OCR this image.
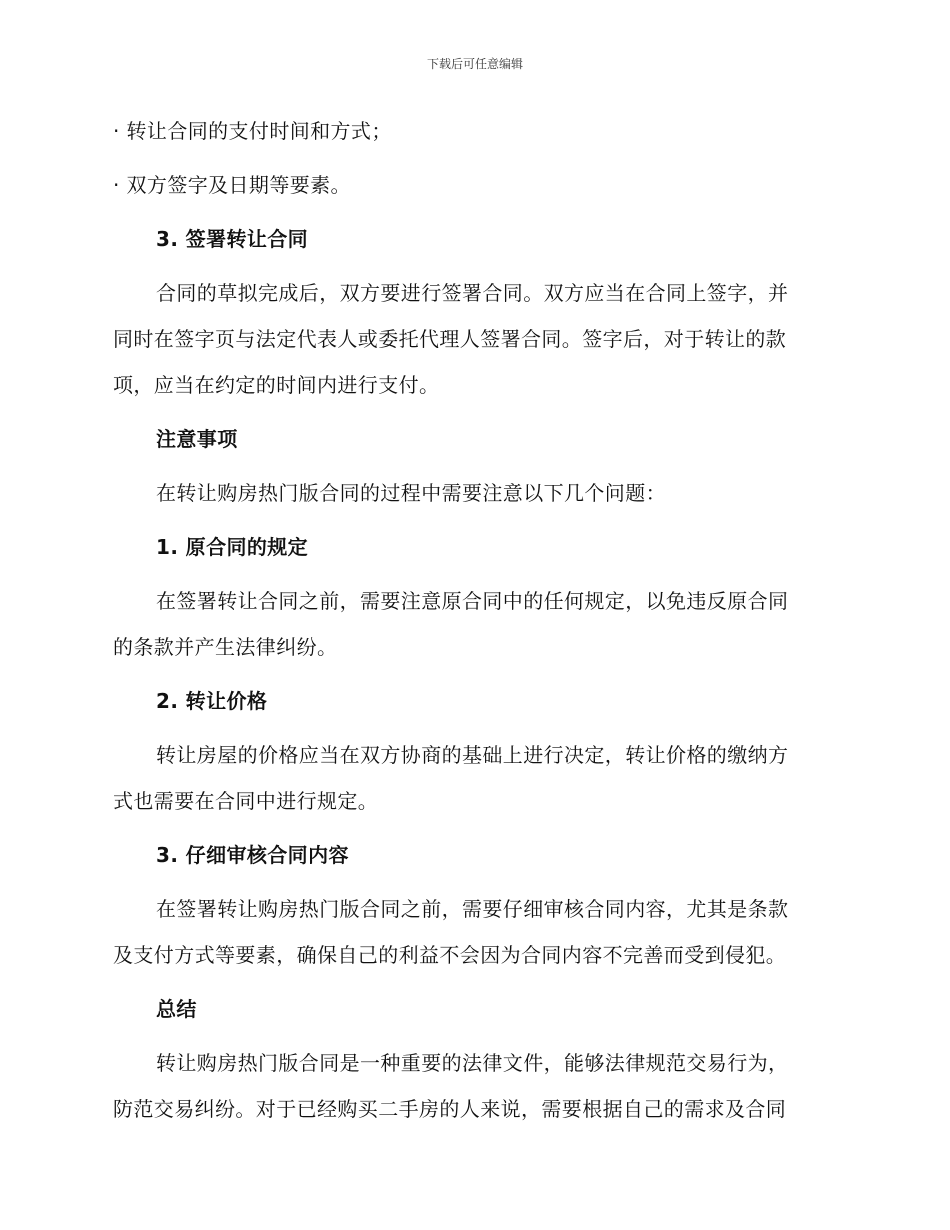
下载后可任意编辑
· 转让合同的支付时间和方式；
· 双方签字及日期等要素。
3. 签署转让合同
合同的草拟完成后，双方要进行签署合同。双方应当在合同上签字，并
同时在签字页与法定代表人或委托代理人签署合同。签字后，对于转让的款
项，应当在约定的时间内进行支付。
注意事项
在转让购房热门版合同的过程中需要注意以下几个问题：
1. 原合同的规定
在签署转让合同之前，需要注意原合同中的任何规定，以免违反原合同
的条款并产生法律纠纷。
2. 转让价格
转让房屋的价格应当在双方协商的基础上进行决定，转让价格的缴纳方
式也需要在合同中进行规定。
3. 仔细审核合同内容
在签署转让购房热门版合同之前，需要仔细审核合同内容，尤其是条款
及支付方式等要素，确保自己的利益不会因为合同内容不完善而受到侵犯。
总结
转让购房热门版合同是一种重要的法律文件，能够法律规范交易行为，
防范交易纠纷。对于已经购买二手房的人来说，需要根据自己的需求及合同
